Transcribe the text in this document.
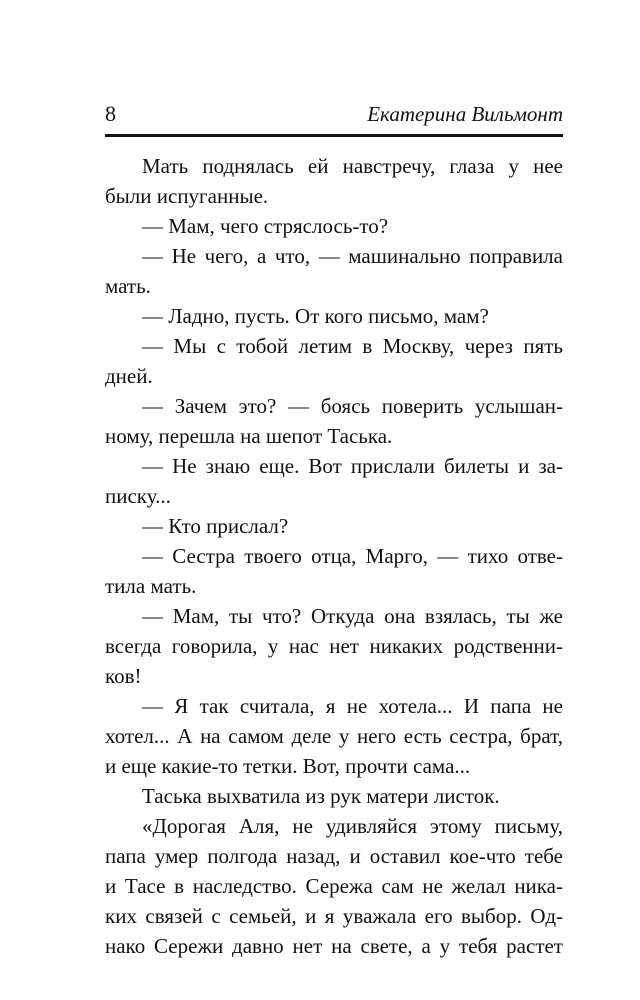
8	Екатерина Вильмонт
Мать поднялась ей навстречу, глаза у нее
были испуганные.
— Мам, чего стряслось-то?
— Не чего, а что, — машинально поправила
мать.
— Ладно, пусть. От кого письмо, мам?
— Мы с тобой летим в Москву, через пять
дней.
— Зачем это? — боясь поверить услышан-
ному, перешла на шепот Таська.
— Не знаю еще. Вот прислали билеты и за-
писку...
— Кто прислал?
— Сестра твоего отца, Марго, — тихо отве-
тила мать.
— Мам, ты что? Откуда она взялась, ты же
всегда говорила, у нас нет никаких родственни-
ков!
— Я так считала, я не хотела... И папа не
хотел... А на самом деле у него есть сестра, брат,
и еще какие-то тетки. Вот, прочти сама...
Таська выхватила из рук матери листок.
«Дорогая Аля, не удивляйся этому письму,
папа умер полгода назад, и оставил кое-что тебе
и Тасе в наследство. Сережа сам не желал ника-
ких связей с семьей, и я уважала его выбор. Од-
нако Сережи давно нет на свете, а у тебя растет
